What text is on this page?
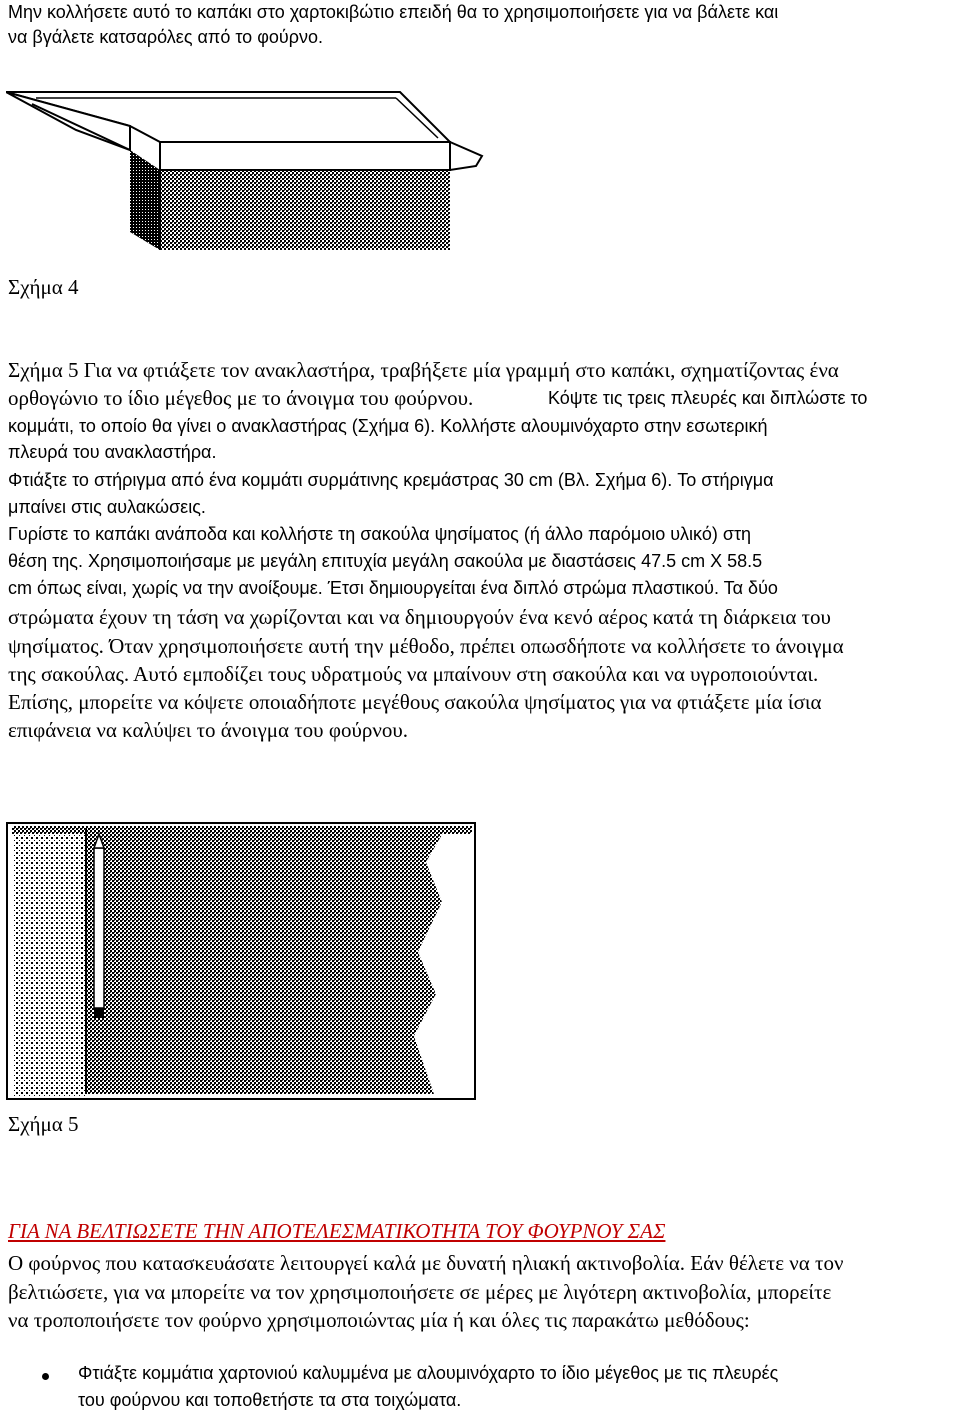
Μην κολλήσετε αυτό το καπάκι στο χαρτοκιβώτιο επειδή θα το χρησιμοποιήσετε για να βάλετε και

να βγάλετε κατσαρόλες από το φούρνο.

Σχήμα 4

Σχήμα 5 Για να φτιάξετε τον ανακλαστήρα, τραβήξετε μία γραμμή στο καπάκι, σχηματίζοντας ένα

ορθογώνιο το ίδιο μέγεθος με το άνοιγμα του φούρνου.	Κόψτε τις τρεις πλευρές και διπλώστε το

κομμάτι, το οποίο θα γίνει ο ανακλαστήρας (Σχήμα 6). Κολλήστε αλουμινόχαρτο στην εσωτερική

πλευρά του ανακλαστήρα.

Φτιάξτε το στήριγμα από ένα κομμάτι συρμάτινης κρεμάστρας 30 cm (Βλ. Σχήμα 6). Το στήριγμα

μπαίνει στις αυλακώσεις.

Γυρίστε το καπάκι ανάποδα και κολλήστε τη σακούλα ψησίματος (ή άλλο παρόμοιο υλικό) στη

θέση της. Χρησιμοποιήσαμε με μεγάλη επιτυχία μεγάλη σακούλα με διαστάσεις 47.5 cm X 58.5

cm όπως είναι, χωρίς να την ανοίξουμε. Έτσι δημιουργείται ένα διπλό στρώμα πλαστικού. Τα δύο

στρώματα έχουν τη τάση να χωρίζονται και να δημιουργούν ένα κενό αέρος κατά τη διάρκεια του

ψησίματος. Όταν χρησιμοποιήσετε αυτή την μέθοδο, πρέπει οπωσδήποτε να κολλήσετε το άνοιγμα

της σακούλας. Αυτό εμποδίζει τους υδρατμούς να μπαίνουν στη σακούλα και να υγροποιούνται.

Επίσης, μπορείτε να κόψετε οποιαδήποτε μεγέθους σακούλα ψησίματος για να φτιάξετε μία ίσια

επιφάνεια να καλύψει το άνοιγμα του φούρνου.

Σχήμα 5

ΓΙΑ ΝΑ ΒΕΛΤΙΩΣΕΤΕ ΤΗΝ ΑΠΟΤΕΛΕΣΜΑΤΙΚΟΤΗΤΑ ΤΟΥ ΦΟΥΡΝΟΥ ΣΑΣ

Ο φούρνος που κατασκευάσατε λειτουργεί καλά με δυνατή ηλιακή ακτινοβολία. Εάν θέλετε να τον

βελτιώσετε, για να μπορείτε να τον χρησιμοποιήσετε σε μέρες με λιγότερη ακτινοβολία, μπορείτε

να τροποποιήσετε τον φούρνο χρησιμοποιώντας μία ή και όλες τις παρακάτω μεθόδους:

Φτιάξτε κομμάτια χαρτονιού καλυμμένα με αλουμινόχαρτο το ίδιο μέγεθος με τις πλευρές

του φούρνου και τοποθετήστε τα στα τοιχώματα.
